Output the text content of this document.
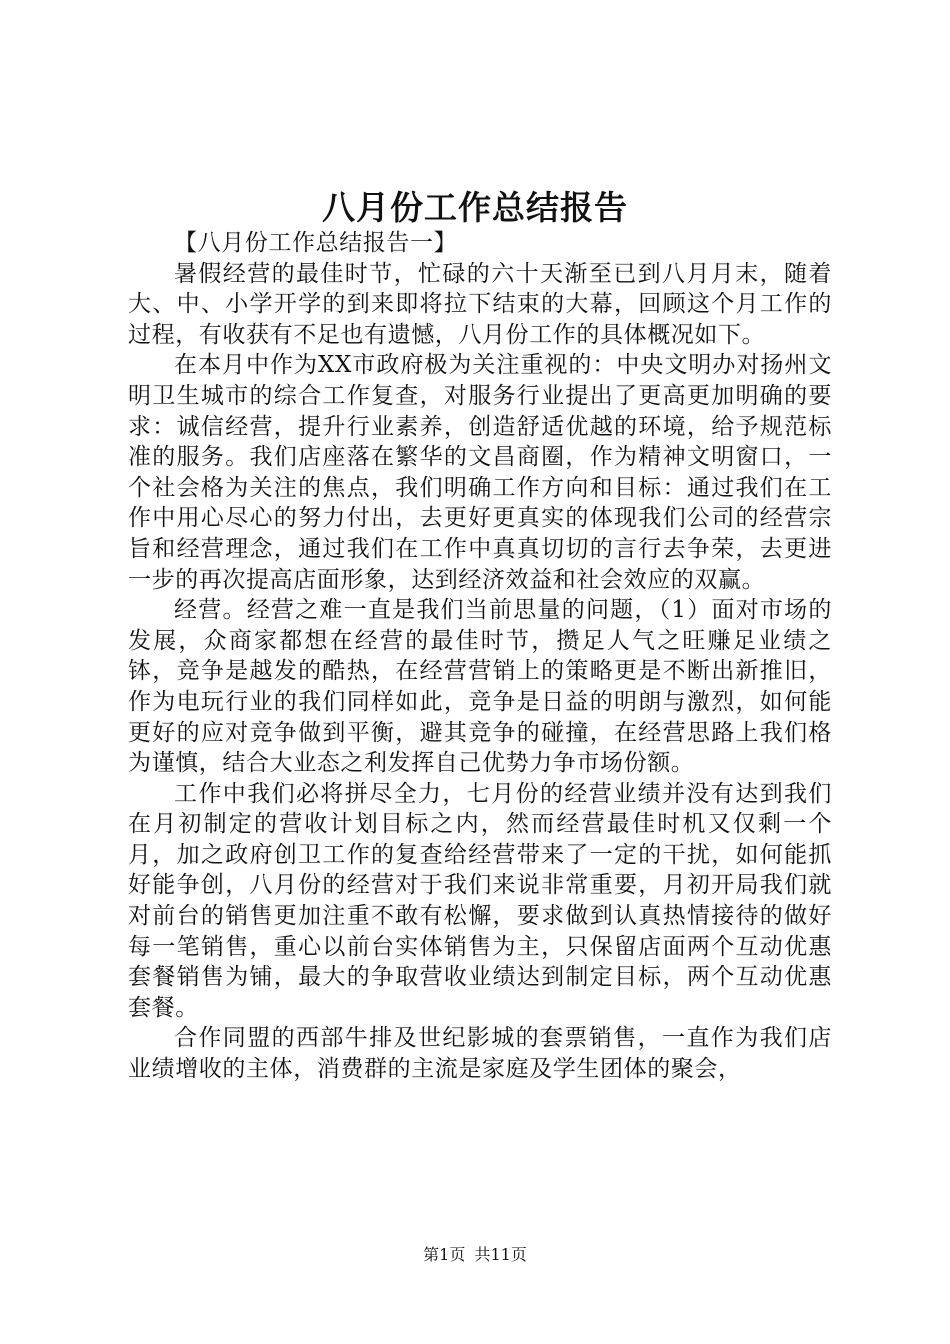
八月份工作总结报告

【八月份工作总结报告一】

暑假经营的最佳时节，忙碌的六十天渐至已到八月月末，随着大、中、小学开学的到来即将拉下结束的大幕，回顾这个月工作的过程，有收获有不足也有遗憾，八月份工作的具体概况如下。

在本月中作为XX市政府极为关注重视的：中央文明办对扬州文明卫生城市的综合工作复查，对服务行业提出了更高更加明确的要求：诚信经营，提升行业素养，创造舒适优越的环境，给予规范标准的服务。我们店座落在繁华的文昌商圈，作为精神文明窗口，一个社会格为关注的焦点，我们明确工作方向和目标：通过我们在工作中用心尽心的努力付出，去更好更真实的体现我们公司的经营宗旨和经营理念，通过我们在工作中真真切切的言行去争荣，去更进一步的再次提高店面形象，达到经济效益和社会效应的双赢。

经营。经营之难一直是我们当前思量的问题，（1）面对市场的发展，众商家都想在经营的最佳时节，攒足人气之旺赚足业绩之钵，竞争是越发的酷热，在经营营销上的策略更是不断出新推旧，作为电玩行业的我们同样如此，竞争是日益的明朗与激烈，如何能更好的应对竞争做到平衡，避其竞争的碰撞，在经营思路上我们格为谨慎，结合大业态之利发挥自己优势力争市场份额。

工作中我们必将拼尽全力，七月份的经营业绩并没有达到我们在月初制定的营收计划目标之内，然而经营最佳时机又仅剩一个月，加之政府创卫工作的复查给经营带来了一定的干扰，如何能抓好能争创，八月份的经营对于我们来说非常重要，月初开局我们就对前台的销售更加注重不敢有松懈，要求做到认真热情接待的做好每一笔销售，重心以前台实体销售为主，只保留店面两个互动优惠套餐销售为铺，最大的争取营收业绩达到制定目标，两个互动优惠套餐。

合作同盟的西部牛排及世纪影城的套票销售，一直作为我们店业绩增收的主体，消费群的主流是家庭及学生团体的聚会，

第1页 共11页
